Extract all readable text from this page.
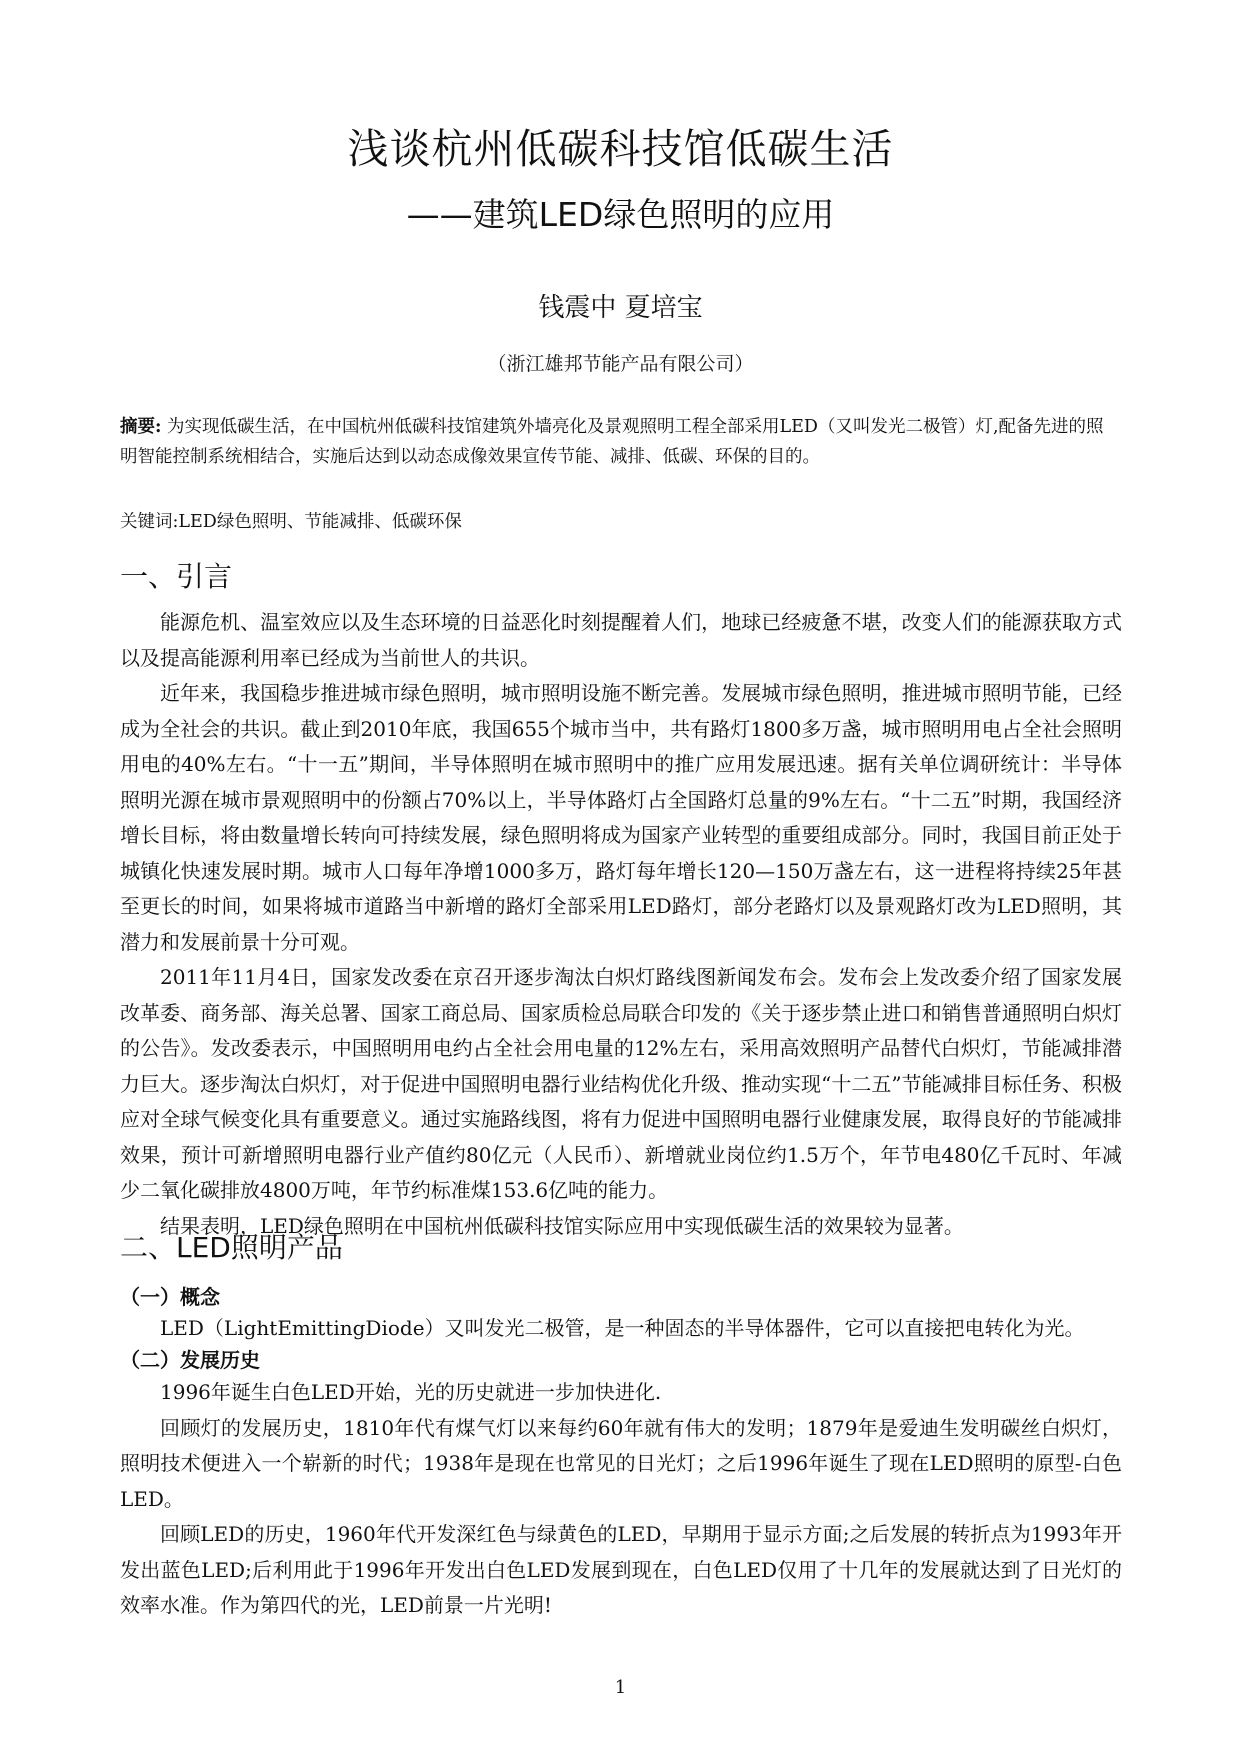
浅谈杭州低碳科技馆低碳生活
——建筑LED绿色照明的应用
钱震中 夏培宝
（浙江雄邦节能产品有限公司）
摘要: 为实现低碳生活，在中国杭州低碳科技馆建筑外墙亮化及景观照明工程全部采用LED（又叫发光二极管）灯,配备先进的照明智能控制系统相结合，实施后达到以动态成像效果宣传节能、减排、低碳、环保的目的。
关键词:LED绿色照明、节能减排、低碳环保
一、引言

能源危机、温室效应以及生态环境的日益恶化时刻提醒着人们，地球已经疲惫不堪，改变人们的能源获取方式以及提高能源利用率已经成为当前世人的共识。

近年来，我国稳步推进城市绿色照明，城市照明设施不断完善。发展城市绿色照明，推进城市照明节能，已经成为全社会的共识。截止到2010年底，我国655个城市当中，共有路灯1800多万盏，城市照明用电占全社会照明用电的40%左右。“十一五”期间，半导体照明在城市照明中的推广应用发展迅速。据有关单位调研统计：半导体照明光源在城市景观照明中的份额占70%以上，半导体路灯占全国路灯总量的9%左右。“十二五”时期，我国经济增长目标，将由数量增长转向可持续发展，绿色照明将成为国家产业转型的重要组成部分。同时，我国目前正处于城镇化快速发展时期。城市人口每年净增1000多万，路灯每年增长120—150万盏左右，这一进程将持续25年甚至更长的时间，如果将城市道路当中新增的路灯全部采用LED路灯，部分老路灯以及景观路灯改为LED照明，其潜力和发展前景十分可观。

2011年11月4日，国家发改委在京召开逐步淘汰白炽灯路线图新闻发布会。发布会上发改委介绍了国家发展改革委、商务部、海关总署、国家工商总局、国家质检总局联合印发的《关于逐步禁止进口和销售普通照明白炽灯的公告》。发改委表示，中国照明用电约占全社会用电量的12%左右，采用高效照明产品替代白炽灯，节能减排潜力巨大。逐步淘汰白炽灯，对于促进中国照明电器行业结构优化升级、推动实现“十二五”节能减排目标任务、积极应对全球气候变化具有重要意义。通过实施路线图，将有力促进中国照明电器行业健康发展，取得良好的节能减排效果，预计可新增照明电器行业产值约80亿元（人民币）、新增就业岗位约1.5万个，年节电480亿千瓦时、年减少二氧化碳排放4800万吨，年节约标准煤153.6亿吨的能力。

结果表明，LED绿色照明在中国杭州低碳科技馆实际应用中实现低碳生活的效果较为显著。

二、LED照明产品
（一）概念

LED（LightEmittingDiode）又叫发光二极管，是一种固态的半导体器件，它可以直接把电转化为光。

（二）发展历史

1996年诞生白色LED开始，光的历史就进一步加快进化.

回顾灯的发展历史，1810年代有煤气灯以来每约60年就有伟大的发明；1879年是爱迪生发明碳丝白炽灯，照明技术便进入一个崭新的时代；1938年是现在也常见的日光灯；之后1996年诞生了现在LED照明的原型-白色LED。

回顾LED的历史，1960年代开发深红色与绿黄色的LED，早期用于显示方面;之后发展的转折点为1993年开发出蓝色LED;后利用此于1996年开发出白色LED发展到现在，白色LED仅用了十几年的发展就达到了日光灯的效率水准。作为第四代的光，LED前景一片光明!

1
